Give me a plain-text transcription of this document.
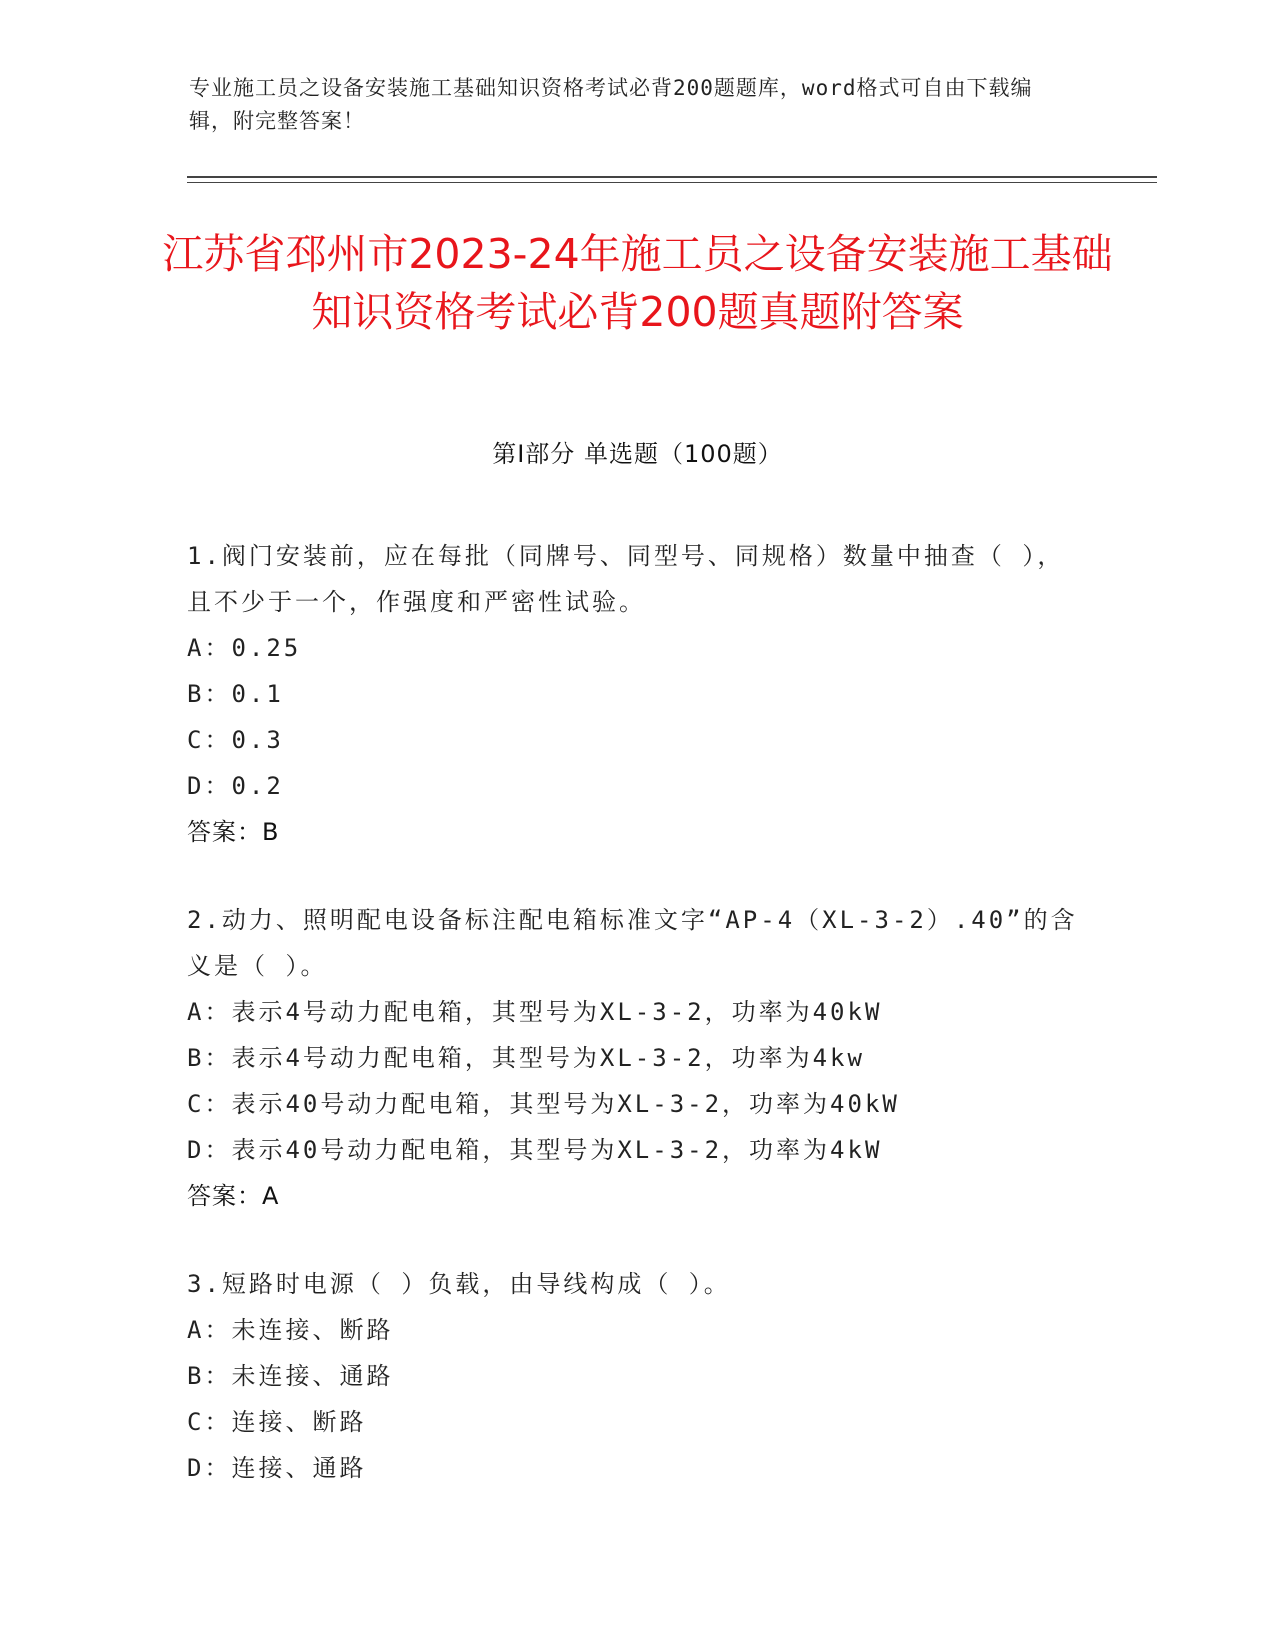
专业施工员之设备安装施工基础知识资格考试必背200题题库，word格式可自由下载编辑，附完整答案！
江苏省邳州市2023-24年施工员之设备安装施工基础知识资格考试必背200题真题附答案
第Ⅰ部分 单选题（100题）
1.阀门安装前，应在每批（同牌号、同型号、同规格）数量中抽查（ ），且不少于一个，作强度和严密性试验。
A：0.25
B：0.1
C：0.3
D：0.2
答案：B
2.动力、照明配电设备标注配电箱标准文字“AP-4（XL-3-2）.40”的含义是（ ）。
A：表示4号动力配电箱，其型号为XL-3-2，功率为40kW
B：表示4号动力配电箱，其型号为XL-3-2，功率为4kw
C：表示40号动力配电箱，其型号为XL-3-2，功率为40kW
D：表示40号动力配电箱，其型号为XL-3-2，功率为4kW
答案：A
3.短路时电源（ ）负载，由导线构成（ ）。
A：未连接、断路
B：未连接、通路
C：连接、断路
D：连接、通路
